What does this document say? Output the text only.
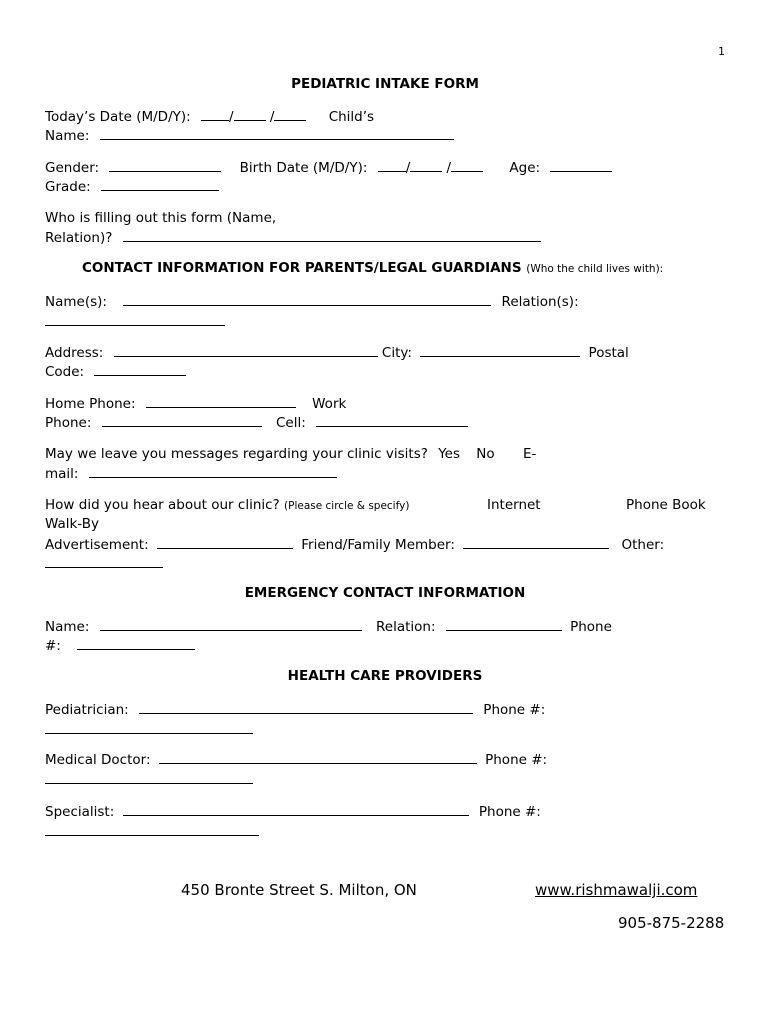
1
PEDIATRIC INTAKE FORM
Today’s Date (M/D/Y):	/	/	Child’s
Name:
Gender:	Birth Date (M/D/Y):	/	/	Age:
Grade:
Who is filling out this form (Name,
Relation)?
CONTACT INFORMATION FOR PARENTS/LEGAL GUARDIANS (Who the child lives with):
Name(s):	Relation(s):
Address:	City:	Postal
Code:
Home Phone:	Work
Phone:	Cell:
May we leave you messages regarding your clinic visits? Yes No E-
mail:
How did you hear about our clinic? (Please circle & specify)	Internet	Phone Book
Walk-By
Advertisement:	Friend/Family Member:	Other:
EMERGENCY CONTACT INFORMATION
Name:	Relation:	Phone
#:
HEALTH CARE PROVIDERS
Pediatrician:	Phone #:
Medical Doctor:	Phone #:
Specialist:	Phone #:
450 Bronte Street S. Milton, ON	www.rishmawalji.com
905-875-2288
